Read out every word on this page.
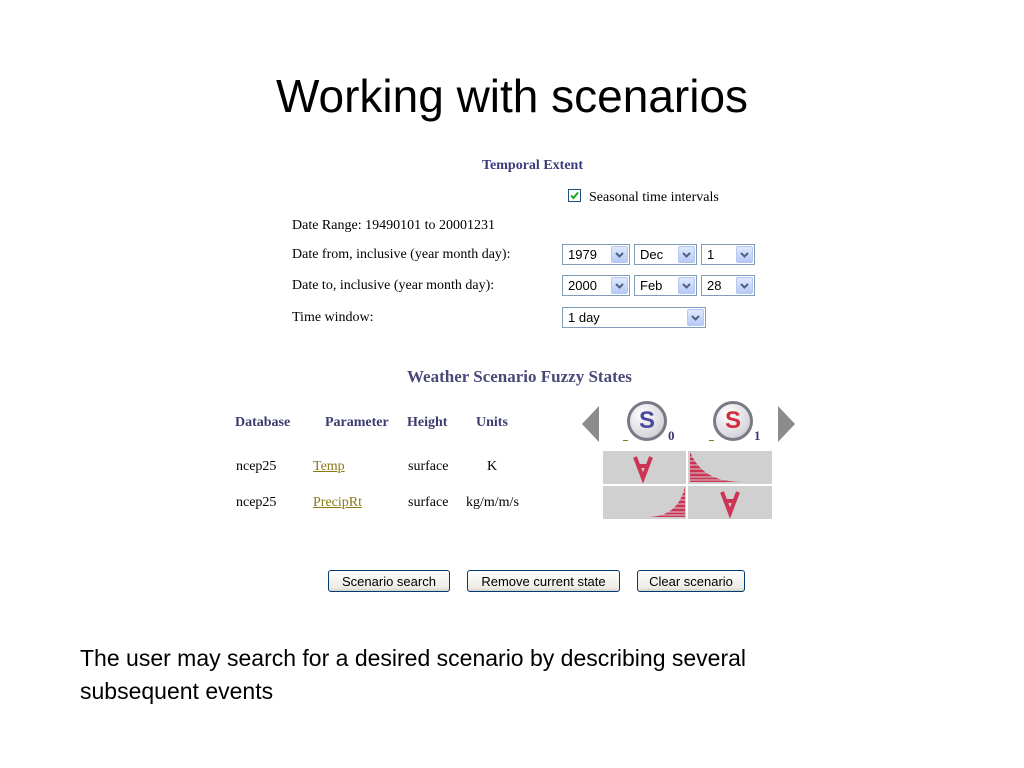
Working with scenarios
Temporal Extent
Seasonal time intervals
Date Range: 19490101 to 20001231
Date from, inclusive (year month day):	1979	Dec	1
Date to, inclusive (year month day):	2000	Feb	28
Time window:	1 day
Weather Scenario Fuzzy States
Database Parameter Height Units
ncep25	Temp	surface	K
ncep25	PrecipRt	surface kg/m/m/s
S
0
S
1
Scenario search	Remove current state	Clear scenario
The user may search for a desired scenario by describing several
subsequent events
